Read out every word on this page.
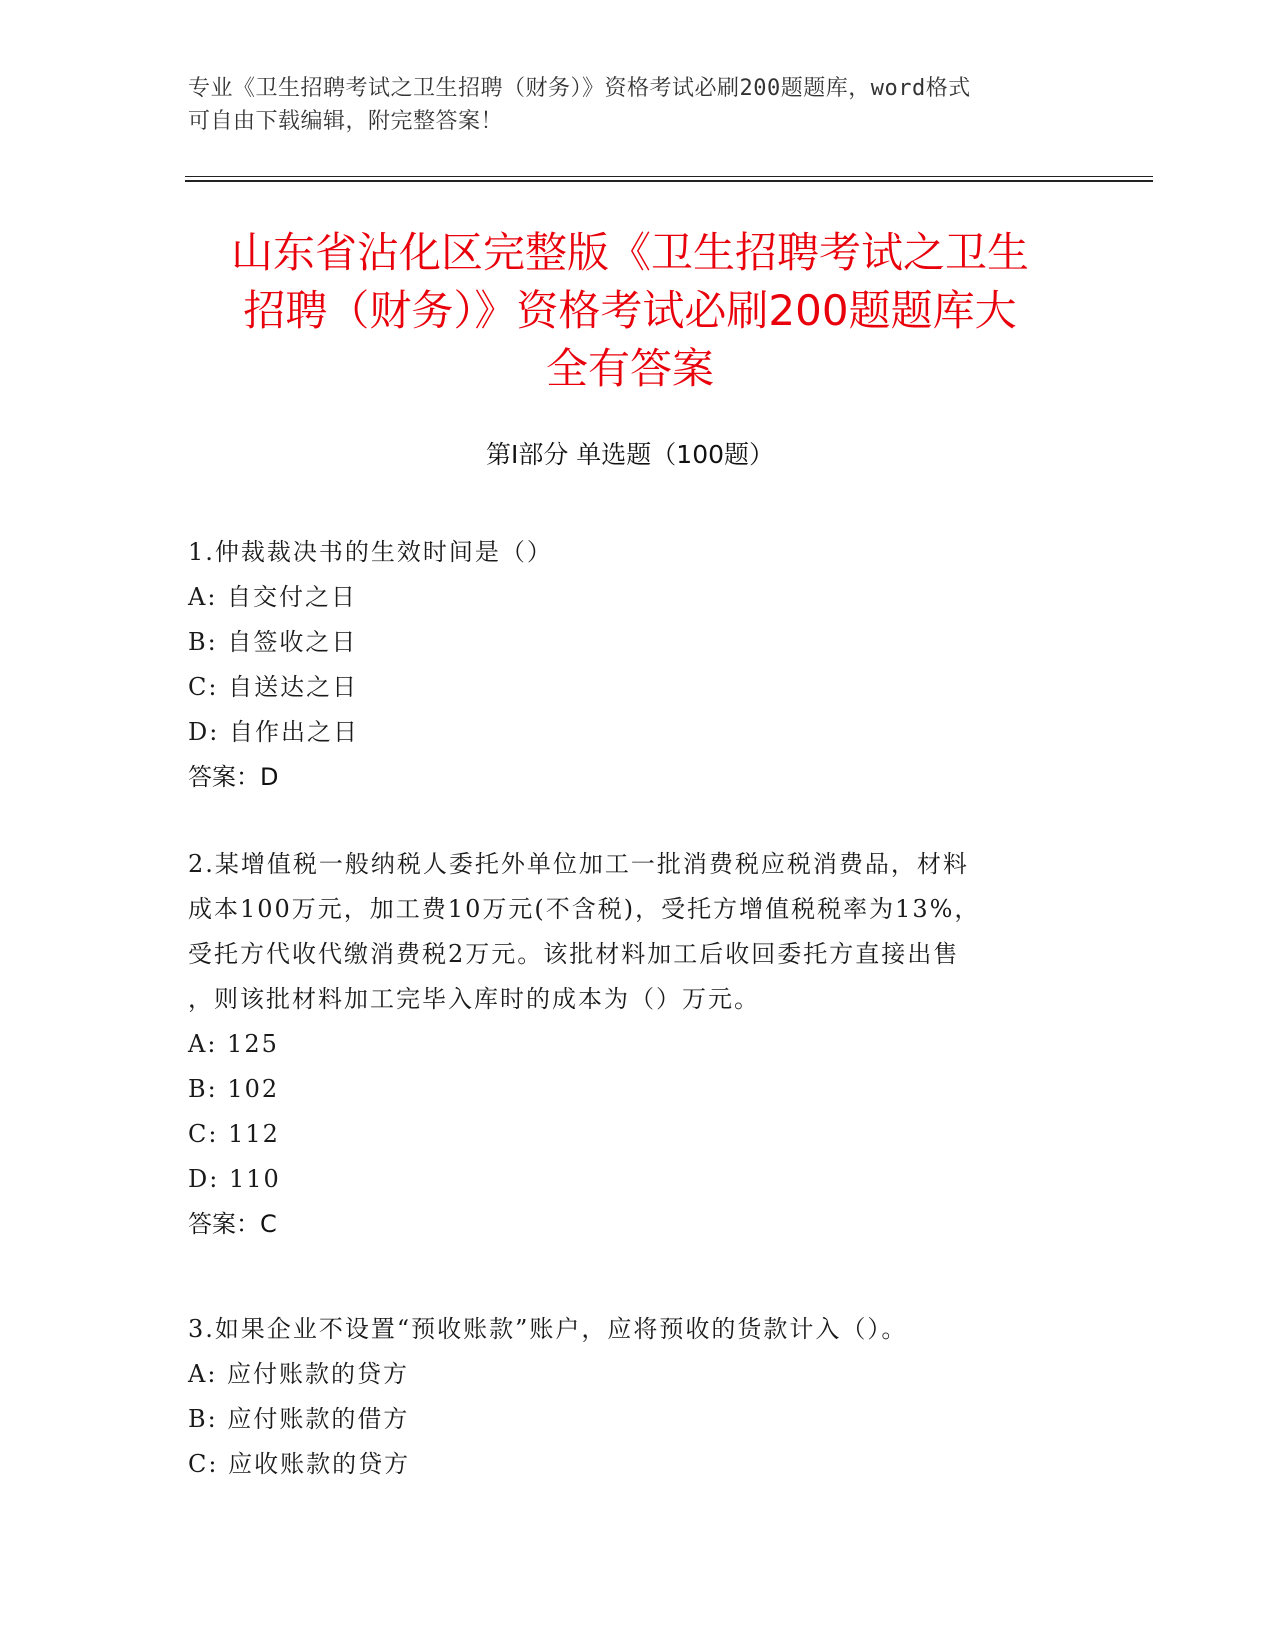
专业《卫生招聘考试之卫生招聘（财务）》资格考试必刷200题题库，word格式
可自由下载编辑，附完整答案！
山东省沾化区完整版《卫生招聘考试之卫生
招聘（财务）》资格考试必刷200题题库大
全有答案
第Ⅰ部分 单选题（100题）

1.仲裁裁决书的生效时间是（）

A: 自交付之日

B: 自签收之日

C: 自送达之日

D: 自作出之日

答案：D

2.某增值税一般纳税人委托外单位加工一批消费税应税消费品，材料

成本100万元，加工费10万元(不含税)，受托方增值税税率为13%，

受托方代收代缴消费税2万元。该批材料加工后收回委托方直接出售

，则该批材料加工完毕入库时的成本为（）万元。

A: 125

B: 102

C: 112

D: 110

答案：C

3.如果企业不设置“预收账款”账户，应将预收的货款计入（）。

A: 应付账款的贷方

B: 应付账款的借方

C: 应收账款的贷方
